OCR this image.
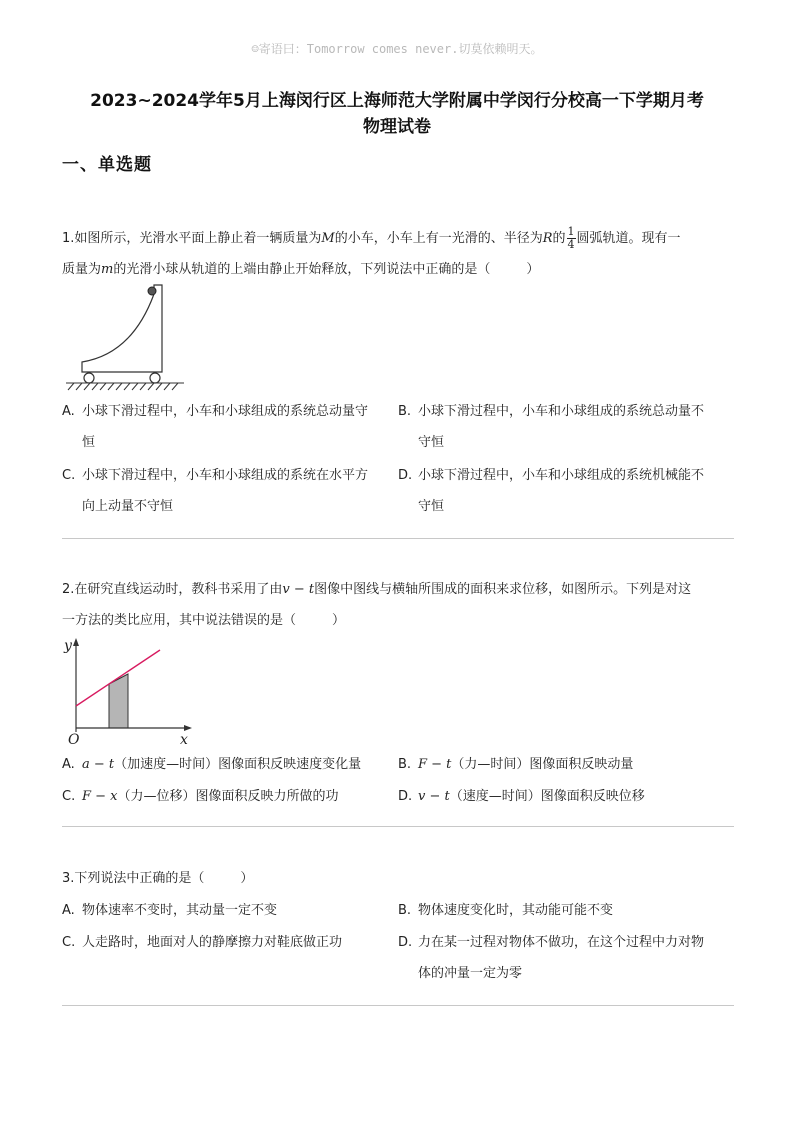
☺寄语曰：Tomorrow comes never.切莫依赖明天。
2023~2024学年5月上海闵行区上海师范大学附属中学闵行分校高一下学期月考
物理试卷
一、单选题
1.如图所示，光滑水平面上静止着一辆质量为M的小车，小车上有一光滑的、半径为R的 $\frac{1}{4}$ 圆弧轨道。现有一
质量为m的光滑小球从轨道的上端由静止开始释放，下列说法中正确的是（	）
A. 小球下滑过程中，小车和小球组成的系统总动量守
恒
B. 小球下滑过程中，小车和小球组成的系统总动量不
守恒
C. 小球下滑过程中，小车和小球组成的系统在水平方
向上动量不守恒
D. 小球下滑过程中，小车和小球组成的系统机械能不
守恒
2.在研究直线运动时，教科书采用了由v − t图像中图线与横轴所围成的面积来求位移，如图所示。下列是对这
一方法的类比应用，其中说法错误的是（	）
y
x
O
A. a − t（加速度—时间）图像面积反映速度变化量	B. F − t（力—时间）图像面积反映动量
C. F − x（力—位移）图像面积反映力所做的功	D. v − t（速度—时间）图像面积反映位移
3.下列说法中正确的是（	）
A. 物体速率不变时，其动量一定不变	B. 物体速度变化时，其动能可能不变
C. 人走路时，地面对人的静摩擦力对鞋底做正功	D. 力在某一过程对物体不做功，在这个过程中力对物
体的冲量一定为零
